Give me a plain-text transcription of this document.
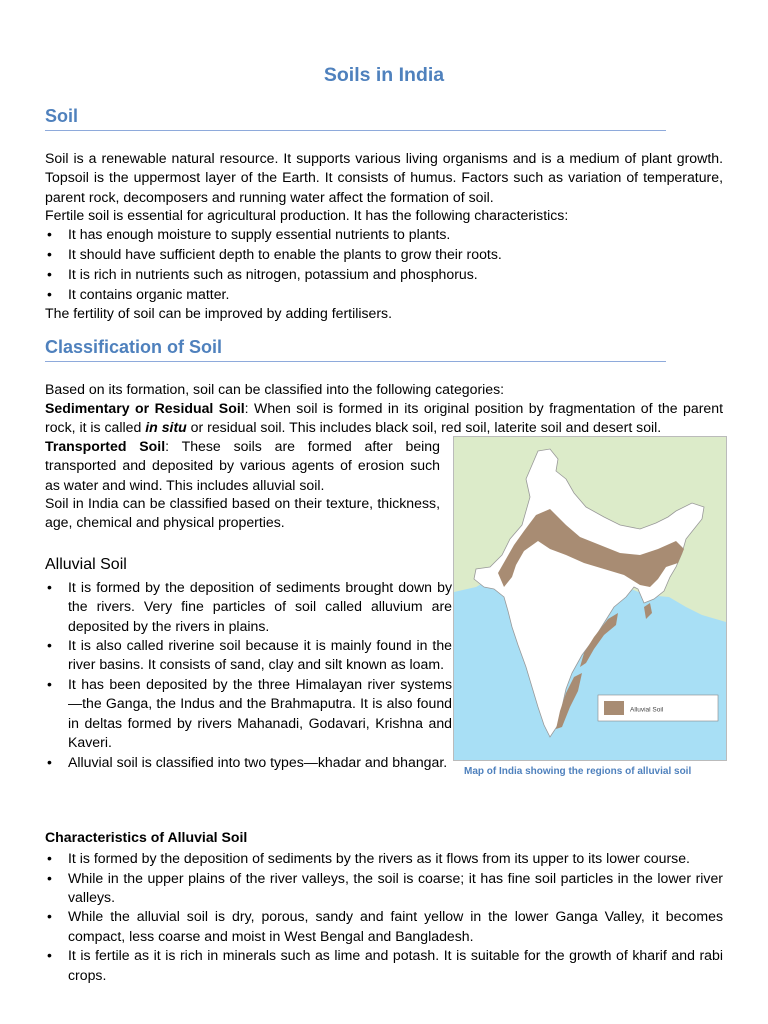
Soils in India
Soil

Soil is a renewable natural resource. It supports various living organisms and is a medium of plant growth. Topsoil is the uppermost layer of the Earth. It consists of humus. Factors such as variation of temperature, parent rock, decomposers and running water affect the formation of soil.

Fertile soil is essential for agricultural production. It has the following characteristics:

• It has enough moisture to supply essential nutrients to plants.
• It should have sufficient depth to enable the plants to grow their roots.
• It is rich in nutrients such as nitrogen, potassium and phosphorus.
• It contains organic matter.

The fertility of soil can be improved by adding fertilisers.

Classification of Soil

Based on its formation, soil can be classified into the following categories:

Sedimentary or Residual Soil: When soil is formed in its original position by fragmentation of the parent rock, it is called in situ or residual soil. This includes black soil, red soil, laterite soil and desert soil.

Transported Soil: These soils are formed after being transported and deposited by various agents of erosion such as water and wind. This includes alluvial soil.

Soil in India can be classified based on their texture, thickness, age, chemical and physical properties.

Alluvial Soil
• It is formed by the deposition of sediments brought down by the rivers. Very fine particles of soil called alluvium are deposited by the rivers in plains.
• It is also called riverine soil because it is mainly found in the river basins. It consists of sand, clay and silt known as loam.
• It has been deposited by the three Himalayan river systems—the Ganga, the Indus and the Brahmaputra. It is also found in deltas formed by rivers Mahanadi, Godavari, Krishna and Kaveri.
• Alluvial soil is classified into two types—khadar and bhangar.
Alluvial Soil

Map of India showing the regions of alluvial soil

Characteristics of Alluvial Soil
• It is formed by the deposition of sediments by the rivers as it flows from its upper to its lower course.
• While in the upper plains of the river valleys, the soil is coarse; it has fine soil particles in the lower river valleys.
• While the alluvial soil is dry, porous, sandy and faint yellow in the lower Ganga Valley, it becomes compact, less coarse and moist in West Bengal and Bangladesh.
• It is fertile as it is rich in minerals such as lime and potash. It is suitable for the growth of kharif and rabi crops.
